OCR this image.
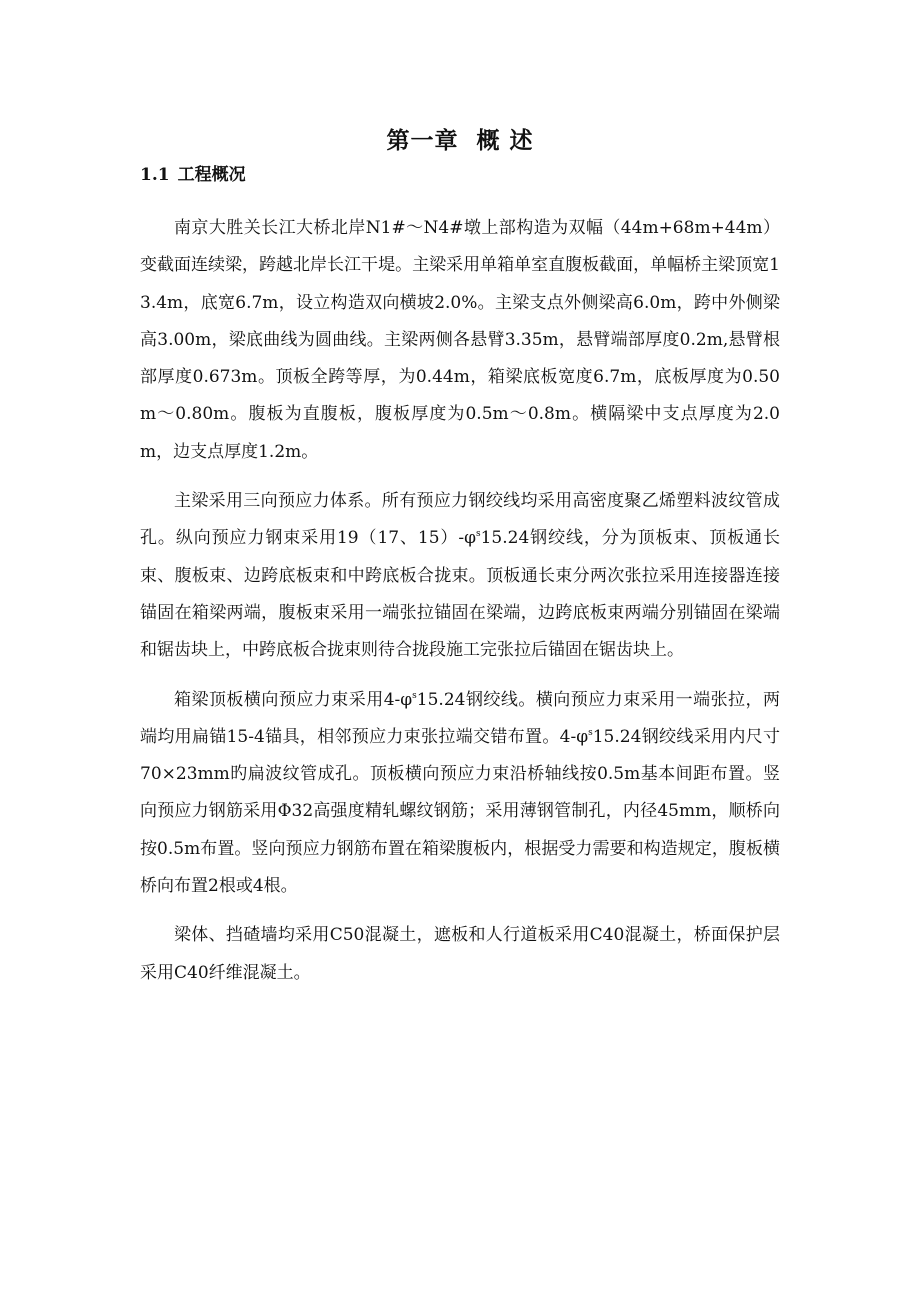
第一章 概 述
1.1 工程概况

南京大胜关长江大桥北岸N1#～N4#墩上部构造为双幅（44m+68m+44m）变截面连续梁，跨越北岸长江干堤。主梁采用单箱单室直腹板截面，单幅桥主梁顶宽13.4m，底宽6.7m，设立构造双向横坡2.0%。主梁支点外侧梁高6.0m，跨中外侧梁高3.00m，梁底曲线为圆曲线。主梁两侧各悬臂3.35m，悬臂端部厚度0.2m,悬臂根部厚度0.673m。顶板全跨等厚，为0.44m，箱梁底板宽度6.7m，底板厚度为0.50m～0.80m。腹板为直腹板，腹板厚度为0.5m～0.8m。横隔梁中支点厚度为2.0m，边支点厚度1.2m。

主梁采用三向预应力体系。所有预应力钢绞线均采用高密度聚乙烯塑料波纹管成孔。纵向预应力钢束采用19（17、$15)-\varphi^s15.24$钢绞线，分为顶板束、顶板通长束、腹板束、边跨底板束和中跨底板合拢束。顶板通长束分两次张拉采用连接器连接锚固在箱梁两端，腹板束采用一端张拉锚固在梁端，边跨底板束两端分别锚固在梁端和锯齿块上，中跨底板合拢束则待合拢段施工完张拉后锚固在锯齿块上。

箱梁顶板横向预应力束采用$4-\varphi^s15.24$钢绞线。横向预应力束采用一端张拉，两端均用扁锚15-4锚具，相邻预应力束张拉端交错布置。$4-\varphi^s15.24$钢绞线采用内尺寸70×23mm旳扁波纹管成孔。顶板横向预应力束沿桥轴线按0.5m基本间距布置。竖向预应力钢筋采用Φ32高强度精轧螺纹钢筋；采用薄钢管制孔，内径45mm，顺桥向按0.5m布置。竖向预应力钢筋布置在箱梁腹板内，根据受力需要和构造规定，腹板横桥向布置2根或4根。

梁体、挡碴墙均采用C50混凝土，遮板和人行道板采用C40混凝土，桥面保护层采用C40纤维混凝土。
